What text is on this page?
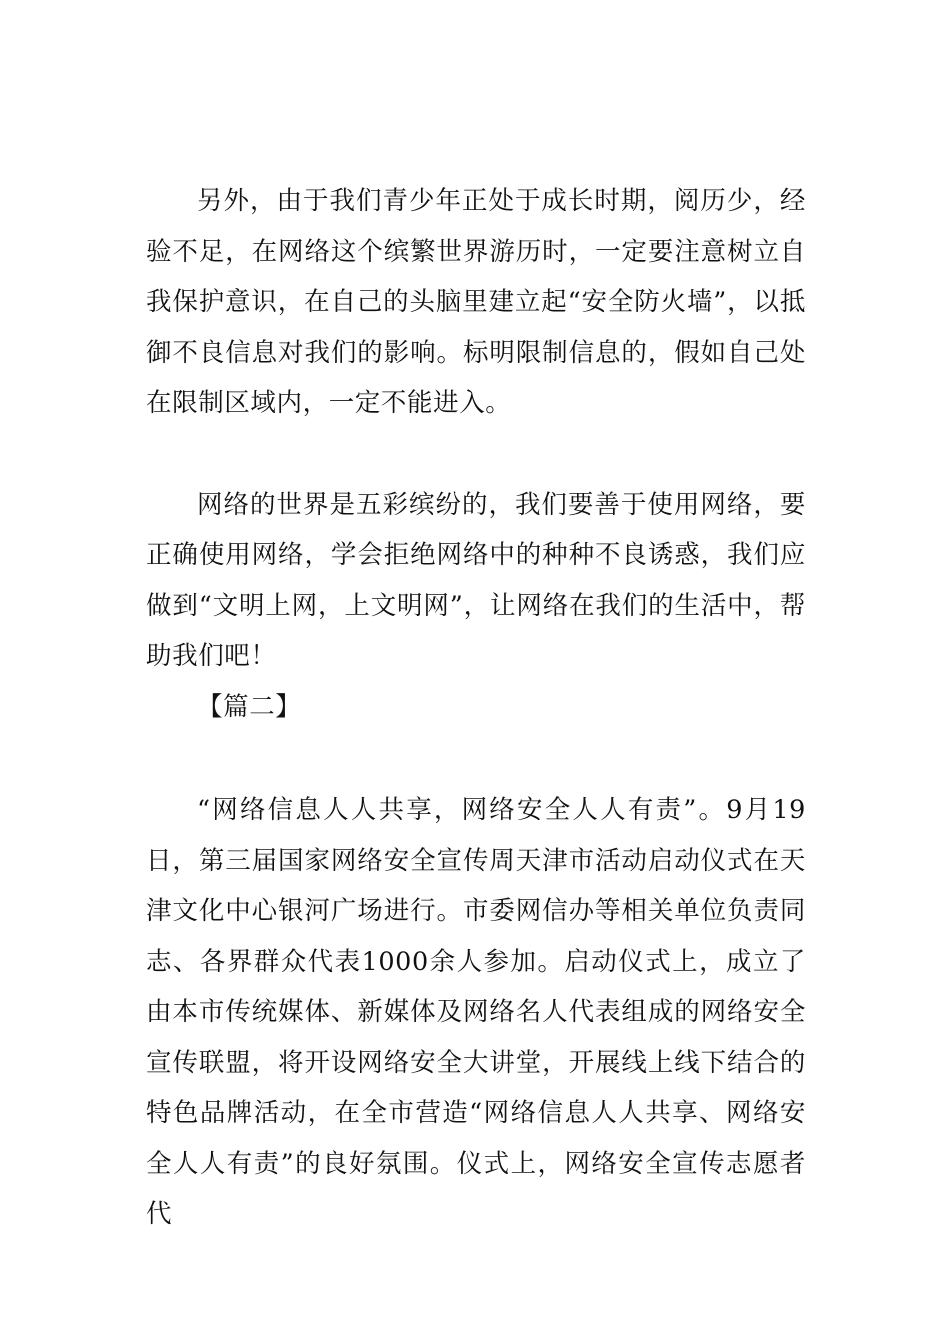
另外，由于我们青少年正处于成长时期，阅历少，经验不足，在网络这个缤繁世界游历时，一定要注意树立自我保护意识，在自己的头脑里建立起“安全防火墙”，以抵御不良信息对我们的影响。标明限制信息的，假如自己处在限制区域内，一定不能进入。

网络的世界是五彩缤纷的，我们要善于使用网络，要正确使用网络，学会拒绝网络中的种种不良诱惑，我们应做到“文明上网，上文明网”，让网络在我们的生活中，帮助我们吧！

【篇二】

“网络信息人人共享，网络安全人人有责”。9月19日，第三届国家网络安全宣传周天津市活动启动仪式在天津文化中心银河广场进行。市委网信办等相关单位负责同志、各界群众代表1000余人参加。启动仪式上，成立了由本市传统媒体、新媒体及网络名人代表组成的网络安全宣传联盟，将开设网络安全大讲堂，开展线上线下结合的特色品牌活动，在全市营造“网络信息人人共享、网络安全人人有责”的良好氛围。仪式上，网络安全宣传志愿者代
